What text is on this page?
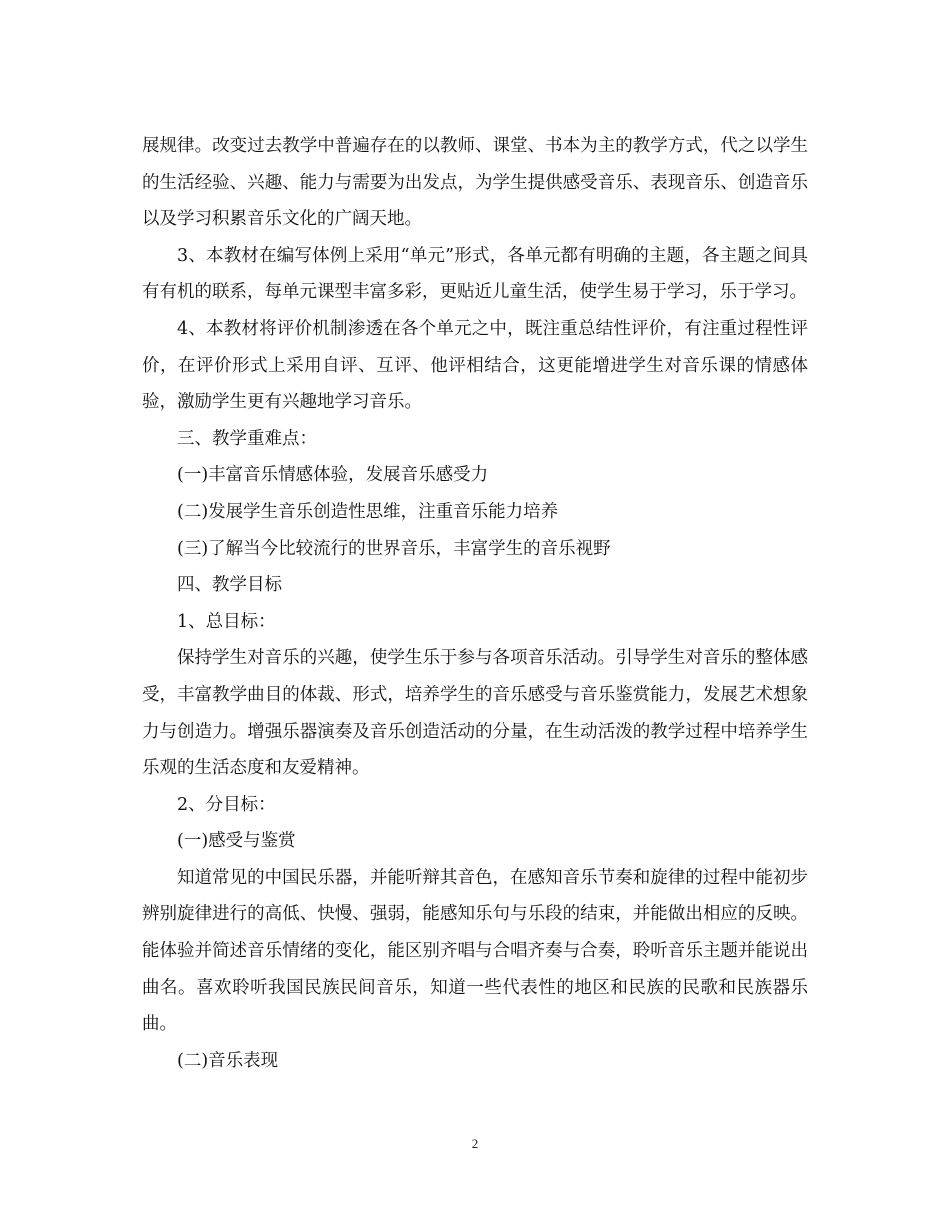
展规律。改变过去教学中普遍存在的以教师、课堂、书本为主的教学方式，代之以学生的生活经验、兴趣、能力与需要为出发点，为学生提供感受音乐、表现音乐、创造音乐以及学习积累音乐文化的广阔天地。

3、本教材在编写体例上采用“单元”形式，各单元都有明确的主题，各主题之间具有有机的联系，每单元课型丰富多彩，更贴近儿童生活，使学生易于学习，乐于学习。

4、本教材将评价机制渗透在各个单元之中，既注重总结性评价，有注重过程性评价，在评价形式上采用自评、互评、他评相结合，这更能增进学生对音乐课的情感体验，激励学生更有兴趣地学习音乐。

三、教学重难点：

(一)丰富音乐情感体验，发展音乐感受力

(二)发展学生音乐创造性思维，注重音乐能力培养

(三)了解当今比较流行的世界音乐，丰富学生的音乐视野

四、教学目标

1、总目标：

保持学生对音乐的兴趣，使学生乐于参与各项音乐活动。引导学生对音乐的整体感受，丰富教学曲目的体裁、形式，培养学生的音乐感受与音乐鉴赏能力，发展艺术想象力与创造力。增强乐器演奏及音乐创造活动的分量，在生动活泼的教学过程中培养学生乐观的生活态度和友爱精神。

2、分目标：

(一)感受与鉴赏

知道常见的中国民乐器，并能听辩其音色，在感知音乐节奏和旋律的过程中能初步辨别旋律进行的高低、快慢、强弱，能感知乐句与乐段的结束，并能做出相应的反映。能体验并简述音乐情绪的变化，能区别齐唱与合唱齐奏与合奏，聆听音乐主题并能说出曲名。喜欢聆听我国民族民间音乐，知道一些代表性的地区和民族的民歌和民族器乐曲。

(二)音乐表现

2
